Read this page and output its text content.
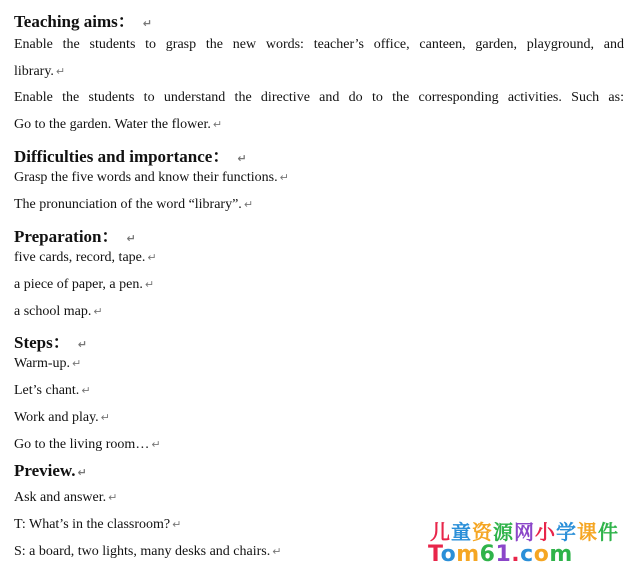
Teaching aims： ↵
Enable the students to grasp the new words: teacher’s office, canteen, garden, playground, and
library. ↵
Enable the students to understand the directive and do to the corresponding activities. Such as:
Go to the garden. Water the flower. ↵
Difficulties and importance： ↵
Grasp the five words and know their functions. ↵
The pronunciation of the word “library”. ↵
Preparation： ↵
five cards, record, tape. ↵
a piece of paper, a pen. ↵
a school map. ↵
Steps： ↵
Warm-up. ↵
Let’s chant. ↵
Work and play. ↵
Go to the living room… ↵
Preview. ↵
Ask and answer. ↵
T: What’s in the classroom? ↵
S: a board, two lights, many desks and chairs. ↵
儿童资源网小学课件
Tom61.com
